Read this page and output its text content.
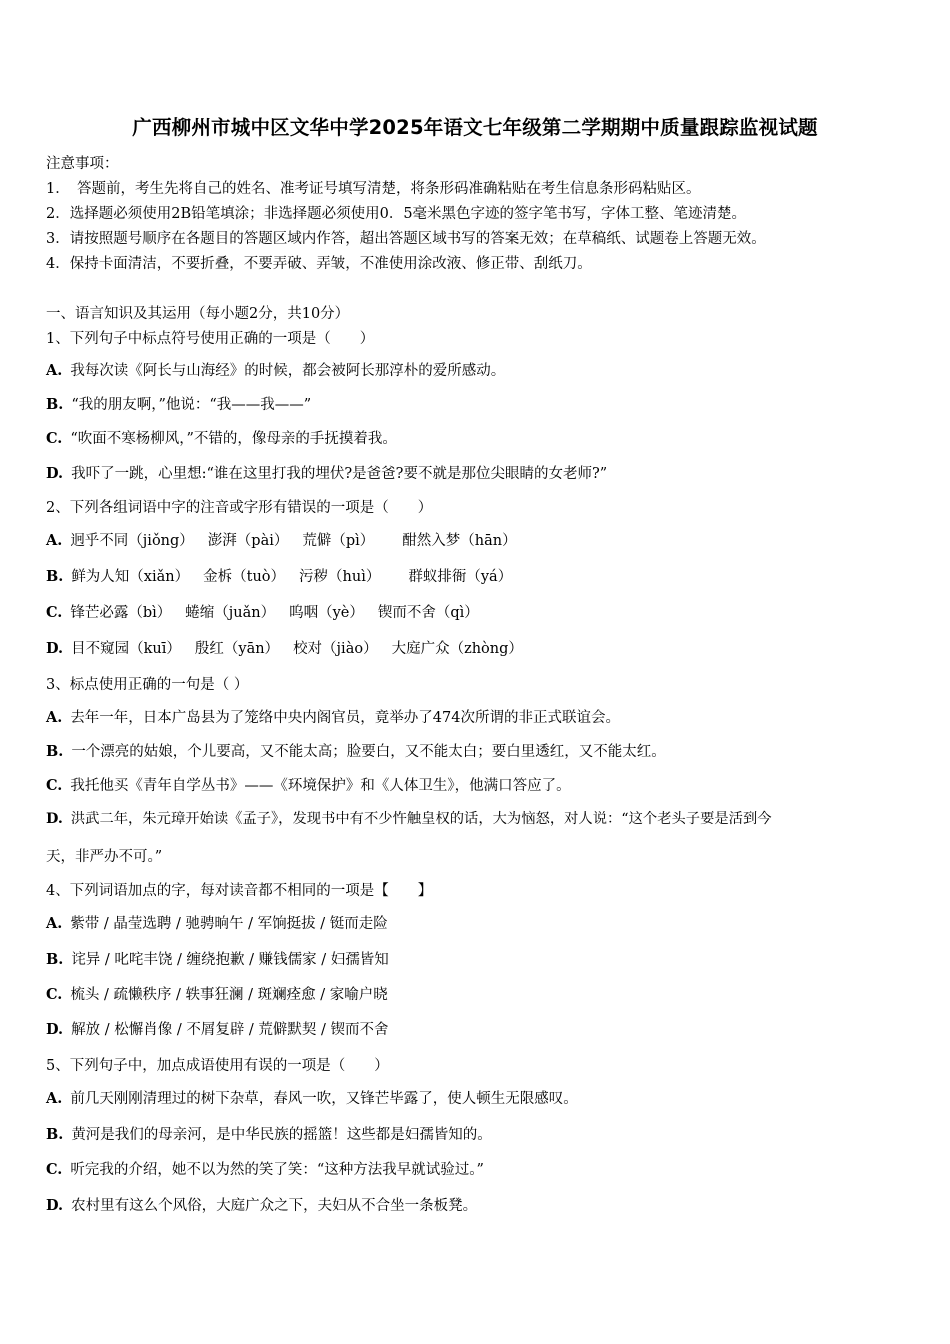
广西柳州市城中区文华中学2025年语文七年级第二学期期中质量跟踪监视试题
注意事项：
1．　答题前，考生先将自己的姓名、准考证号填写清楚，将条形码准确粘贴在考生信息条形码粘贴区。
2．选择题必须使用2B铅笔填涂；非选择题必须使用0．5毫米黑色字迹的签字笔书写，字体工整、笔迹清楚。
3．请按照题号顺序在各题目的答题区域内作答，超出答题区域书写的答案无效；在草稿纸、试题卷上答题无效。
4．保持卡面清洁，不要折叠，不要弄破、弄皱，不准使用涂改液、修正带、刮纸刀。
一、语言知识及其运用（每小题2分，共10分）
1、下列句子中标点符号使用正确的一项是（　　）
A. 我每次读《阿长与山海经》的时候，都会被阿长那淳朴的爱所感动。
B. “我的朋友啊，”他说：“我——我——”
C. “吹面不寒杨柳风，”不错的，像母亲的手抚摸着我。
D. 我吓了一跳，心里想:“谁在这里打我的埋伏?是爸爸?要不就是那位尖眼睛的女老师?”
2、下列各组词语中字的注音或字形有错误的一项是（　　）
A. 迥乎不同（jiǒng） 澎湃（pài） 荒僻（pì） 酣然入梦（hān）
B. 鲜为人知（xiǎn） 金柝（tuò） 污秽（huì） 群蚁排衙（yá）
C. 锋芒必露（bì） 蜷缩（juǎn） 呜咽（yè） 锲而不舍（qì）
D. 目不窥园（kuī） 殷红（yān） 校对（jiào） 大庭广众（zhòng）
3、标点使用正确的一句是（ ）
A. 去年一年，日本广岛县为了笼络中央内阁官员，竟举办了474次所谓的非正式联谊会。
B. 一个漂亮的姑娘，个儿要高，又不能太高；脸要白，又不能太白；要白里透红，又不能太红。
C. 我托他买《青年自学丛书》——《环境保护》和《人体卫生》，他满口答应了。
D. 洪武二年，朱元璋开始读《孟子》，发现书中有不少忤触皇权的话，大为恼怒，对人说：“这个老头子要是活到今
天，非严办不可。”
4、下列词语加点的字，每对读音都不相同的一项是【　　】
A. 紫带 / 晶莹选聘 / 驰骋晌午 / 军饷挺拔 / 铤而走险
B. 诧异 / 叱咤丰饶 / 缠绕抱歉 / 赚钱儒家 / 妇孺皆知
C. 梳头 / 疏懒秩序 / 轶事狂澜 / 斑斓痊愈 / 家喻户晓
D. 解放 / 松懈肖像 / 不屑复辟 / 荒僻默契 / 锲而不舍
5、下列句子中，加点成语使用有误的一项是（　　）
A. 前几天刚刚清理过的树下杂草，春风一吹，又锋芒毕露了，使人顿生无限感叹。
B. 黄河是我们的母亲河，是中华民族的摇篮！这些都是妇孺皆知的。
C. 听完我的介绍，她不以为然的笑了笑：“这种方法我早就试验过。”
D. 农村里有这么个风俗，大庭广众之下，夫妇从不合坐一条板凳。
